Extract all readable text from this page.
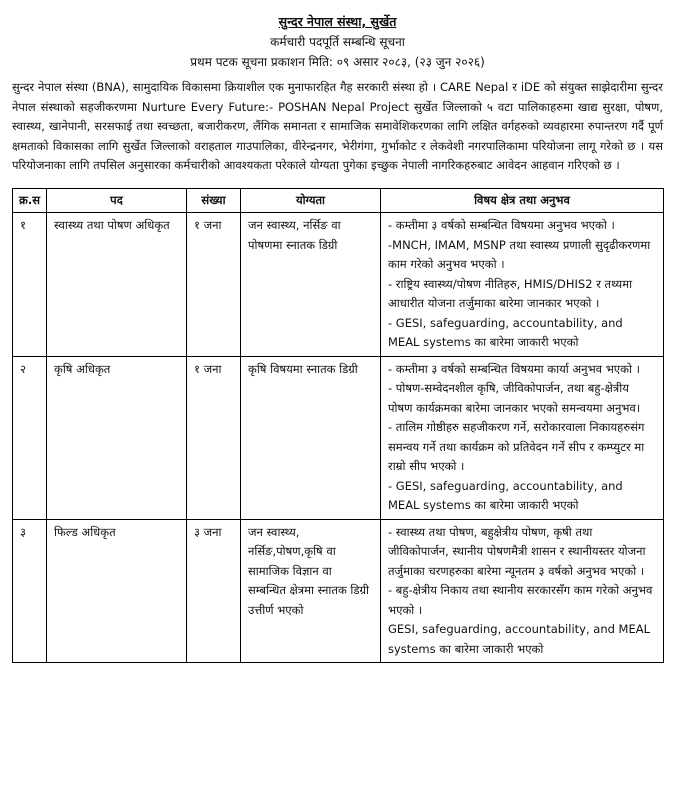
सुन्दर नेपाल संस्था, सुर्खेत
कर्मचारी पदपूर्ति सम्बन्धि सूचना
प्रथम पटक सूचना प्रकाशन मिति: ०९ असार २०८३, (२३ जुन २०२६)
सुन्दर नेपाल संस्था (BNA), सामुदायिक विकासमा क्रियाशील एक मुनाफारहित गैह सरकारी संस्था हो । CARE Nepal र iDE को संयुक्त साझेदारीमा सुन्दर नेपाल संस्थाको सहजीकरणमा Nurture Every Future:- POSHAN Nepal Project सुर्खेत जिल्लाको ५ वटा पालिकाहरुमा खाद्य सुरक्षा, पोषण, स्वास्थ्य, खानेपानी, सरसफाई तथा स्वच्छता, बजारीकरण, लैंगिक समानता र सामाजिक समावेशिकरणका लागि लक्षित वर्गहरुको व्यवहारमा रुपान्तरण गर्दै पूर्ण क्षमताको विकासका लागि सुर्खेत जिल्लाको वराहताल गाउपालिका, वीरेन्द्रनगर, भेरीगंगा, गुर्भाकोट र लेकवेशी नगरपालिकामा परियोजना लागू गरेको छ । यस परियोजनाका लागि तपसिल अनुसारका कर्मचारीको आवश्यकता परेकाले योग्यता पुगेका इच्छुक नेपाली नागरिकहरुबाट आवेदन आहवान गरिएको छ ।
क्र.स	पद	संख्या	योग्यता	विषय क्षेत्र तथा अनुभव
१	स्वास्थ्य तथा पोषण अधिकृत	१ जना	जन स्वास्थ्य, नर्सिङ वा पोषणमा स्नातक डिग्री	- कम्तीमा ३ वर्षको सम्बन्धित विषयमा अनुभव भएको ।

-MNCH, IMAM, MSNP तथा स्वास्थ्य प्रणाली सुदृढीकरणमा काम गरेको अनुभव भएको ।

- राष्ट्रिय स्वास्थ्य/पोषण नीतिहरु, HMIS/DHIS2 र तथ्यमा आधारीत योजना तर्जुमाका बारेमा जानकार भएको ।

- GESI, safeguarding, accountability, and MEAL systems का बारेमा जाकारी भएको

२	कृषि अधिकृत	१ जना	कृषि विषयमा स्नातक डिग्री	- कम्तीमा ३ वर्षको सम्बन्धित विषयमा कार्या अनुभव भएको ।

- पोषण-सम्वेदनशील कृषि, जीविकोपार्जन, तथा बहु-क्षेत्रीय पोषण कार्यक्रमका बारेमा जानकार भएको समन्वयमा अनुभव।

- तालिम गोष्ठीहरु सहजीकरण गर्ने, सरोकारवाला निकायहरुसंग समन्वय गर्ने तथा कार्यक्रम को प्रतिवेदन गर्ने सीप र कम्प्युटर मा राम्रो सीप भएको ।

- GESI, safeguarding, accountability, and MEAL systems का बारेमा जाकारी भएको

३	फिल्ड अधिकृत	३ जना	जन स्वास्थ्य, नर्सिङ,पोषण,कृषि वा सामाजिक विज्ञान वा सम्बन्धित क्षेत्रमा स्नातक डिग्री उत्तीर्ण भएको	- स्वास्थ्य तथा पोषण, बहुक्षेत्रीय पोषण, कृषी तथा जीविकोपार्जन, स्थानीय पोषणमैत्री शासन र स्थानीयस्तर योजना तर्जुमाका चरणहरुका बारेमा न्यूनतम ३ वर्षको अनुभव भएको ।

- बहु-क्षेत्रीय निकाय तथा स्थानीय सरकारसँग काम गरेको अनुभव भएको ।

GESI, safeguarding, accountability, and MEAL systems का बारेमा जाकारी भएको
